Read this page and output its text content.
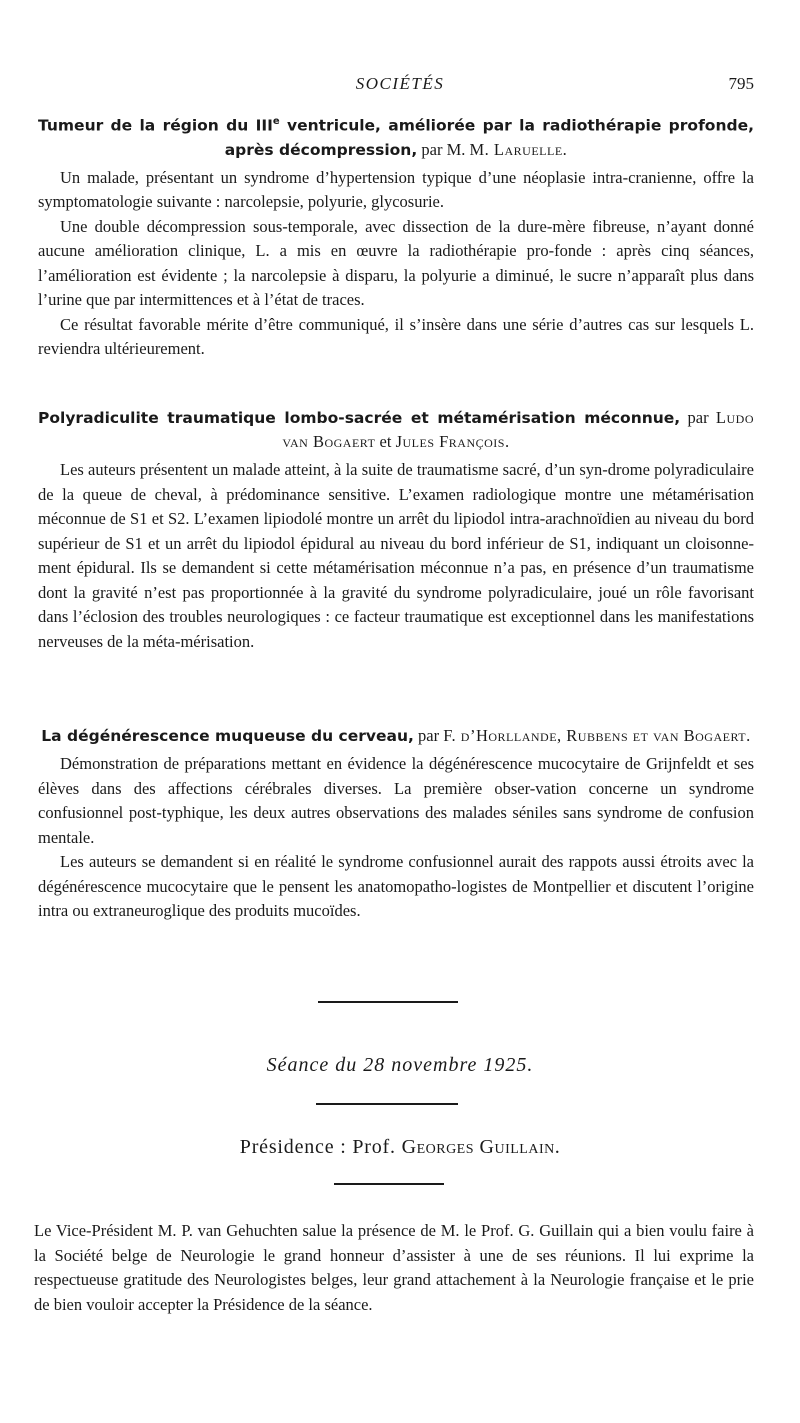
SOCIÉTÉS	795

Tumeur de la région du IIIe ventricule, améliorée par la radiothérapie profonde, après décompression, par M. M. Laruelle.

Un malade, présentant un syndrome d’hypertension typique d’une néoplasie intra-cranienne, offre la symptomatologie suivante : narcolepsie, polyurie, glycosurie.

Une double décompression sous-temporale, avec dissection de la dure-mère fibreuse, n’ayant donné aucune amélioration clinique, L. a mis en œuvre la radiothérapie pro-fonde : après cinq séances, l’amélioration est évidente ; la narcolepsie à disparu, la polyurie a diminué, le sucre n’apparaît plus dans l’urine que par intermittences et à l’état de traces.

Ce résultat favorable mérite d’être communiqué, il s’insère dans une série d’autres cas sur lesquels L. reviendra ultérieurement.

Polyradiculite traumatique lombo-sacrée et métamérisation méconnue, par Ludo van Bogaert et Jules François.

Les auteurs présentent un malade atteint, à la suite de traumatisme sacré, d’un syn-drome polyradiculaire de la queue de cheval, à prédominance sensitive. L’examen radiologique montre une métamérisation méconnue de S1 et S2. L’examen lipiodolé montre un arrêt du lipiodol intra-arachnoïdien au niveau du bord supérieur de S1 et un arrêt du lipiodol épidural au niveau du bord inférieur de S1, indiquant un cloisonne-ment épidural. Ils se demandent si cette métamérisation méconnue n’a pas, en présence d’un traumatisme dont la gravité n’est pas proportionnée à la gravité du syndrome polyradiculaire, joué un rôle favorisant dans l’éclosion des troubles neurologiques : ce facteur traumatique est exceptionnel dans les manifestations nerveuses de la méta-mérisation.

La dégénérescence muqueuse du cerveau, par F. d’Horllande, Rubbens et van Bogaert.

Démonstration de préparations mettant en évidence la dégénérescence mucocytaire de Grijnfeldt et ses élèves dans des affections cérébrales diverses. La première obser-vation concerne un syndrome confusionnel post-typhique, les deux autres observations des malades séniles sans syndrome de confusion mentale.

Les auteurs se demandent si en réalité le syndrome confusionnel aurait des rappots aussi étroits avec la dégénérescence mucocytaire que le pensent les anatomopatho-logistes de Montpellier et discutent l’origine intra ou extraneuroglique des produits mucoïdes.

Séance du 28 novembre 1925.
Présidence : Prof. Georges Guillain.

Le Vice-Président M. P. van Gehuchten salue la présence de M. le Prof. G. Guillain qui a bien voulu faire à la Société belge de Neurologie le grand honneur d’assister à une de ses réunions. Il lui exprime la respectueuse gratitude des Neurologistes belges, leur grand attachement à la Neurologie française et le prie de bien vouloir accepter la Présidence de la séance.
